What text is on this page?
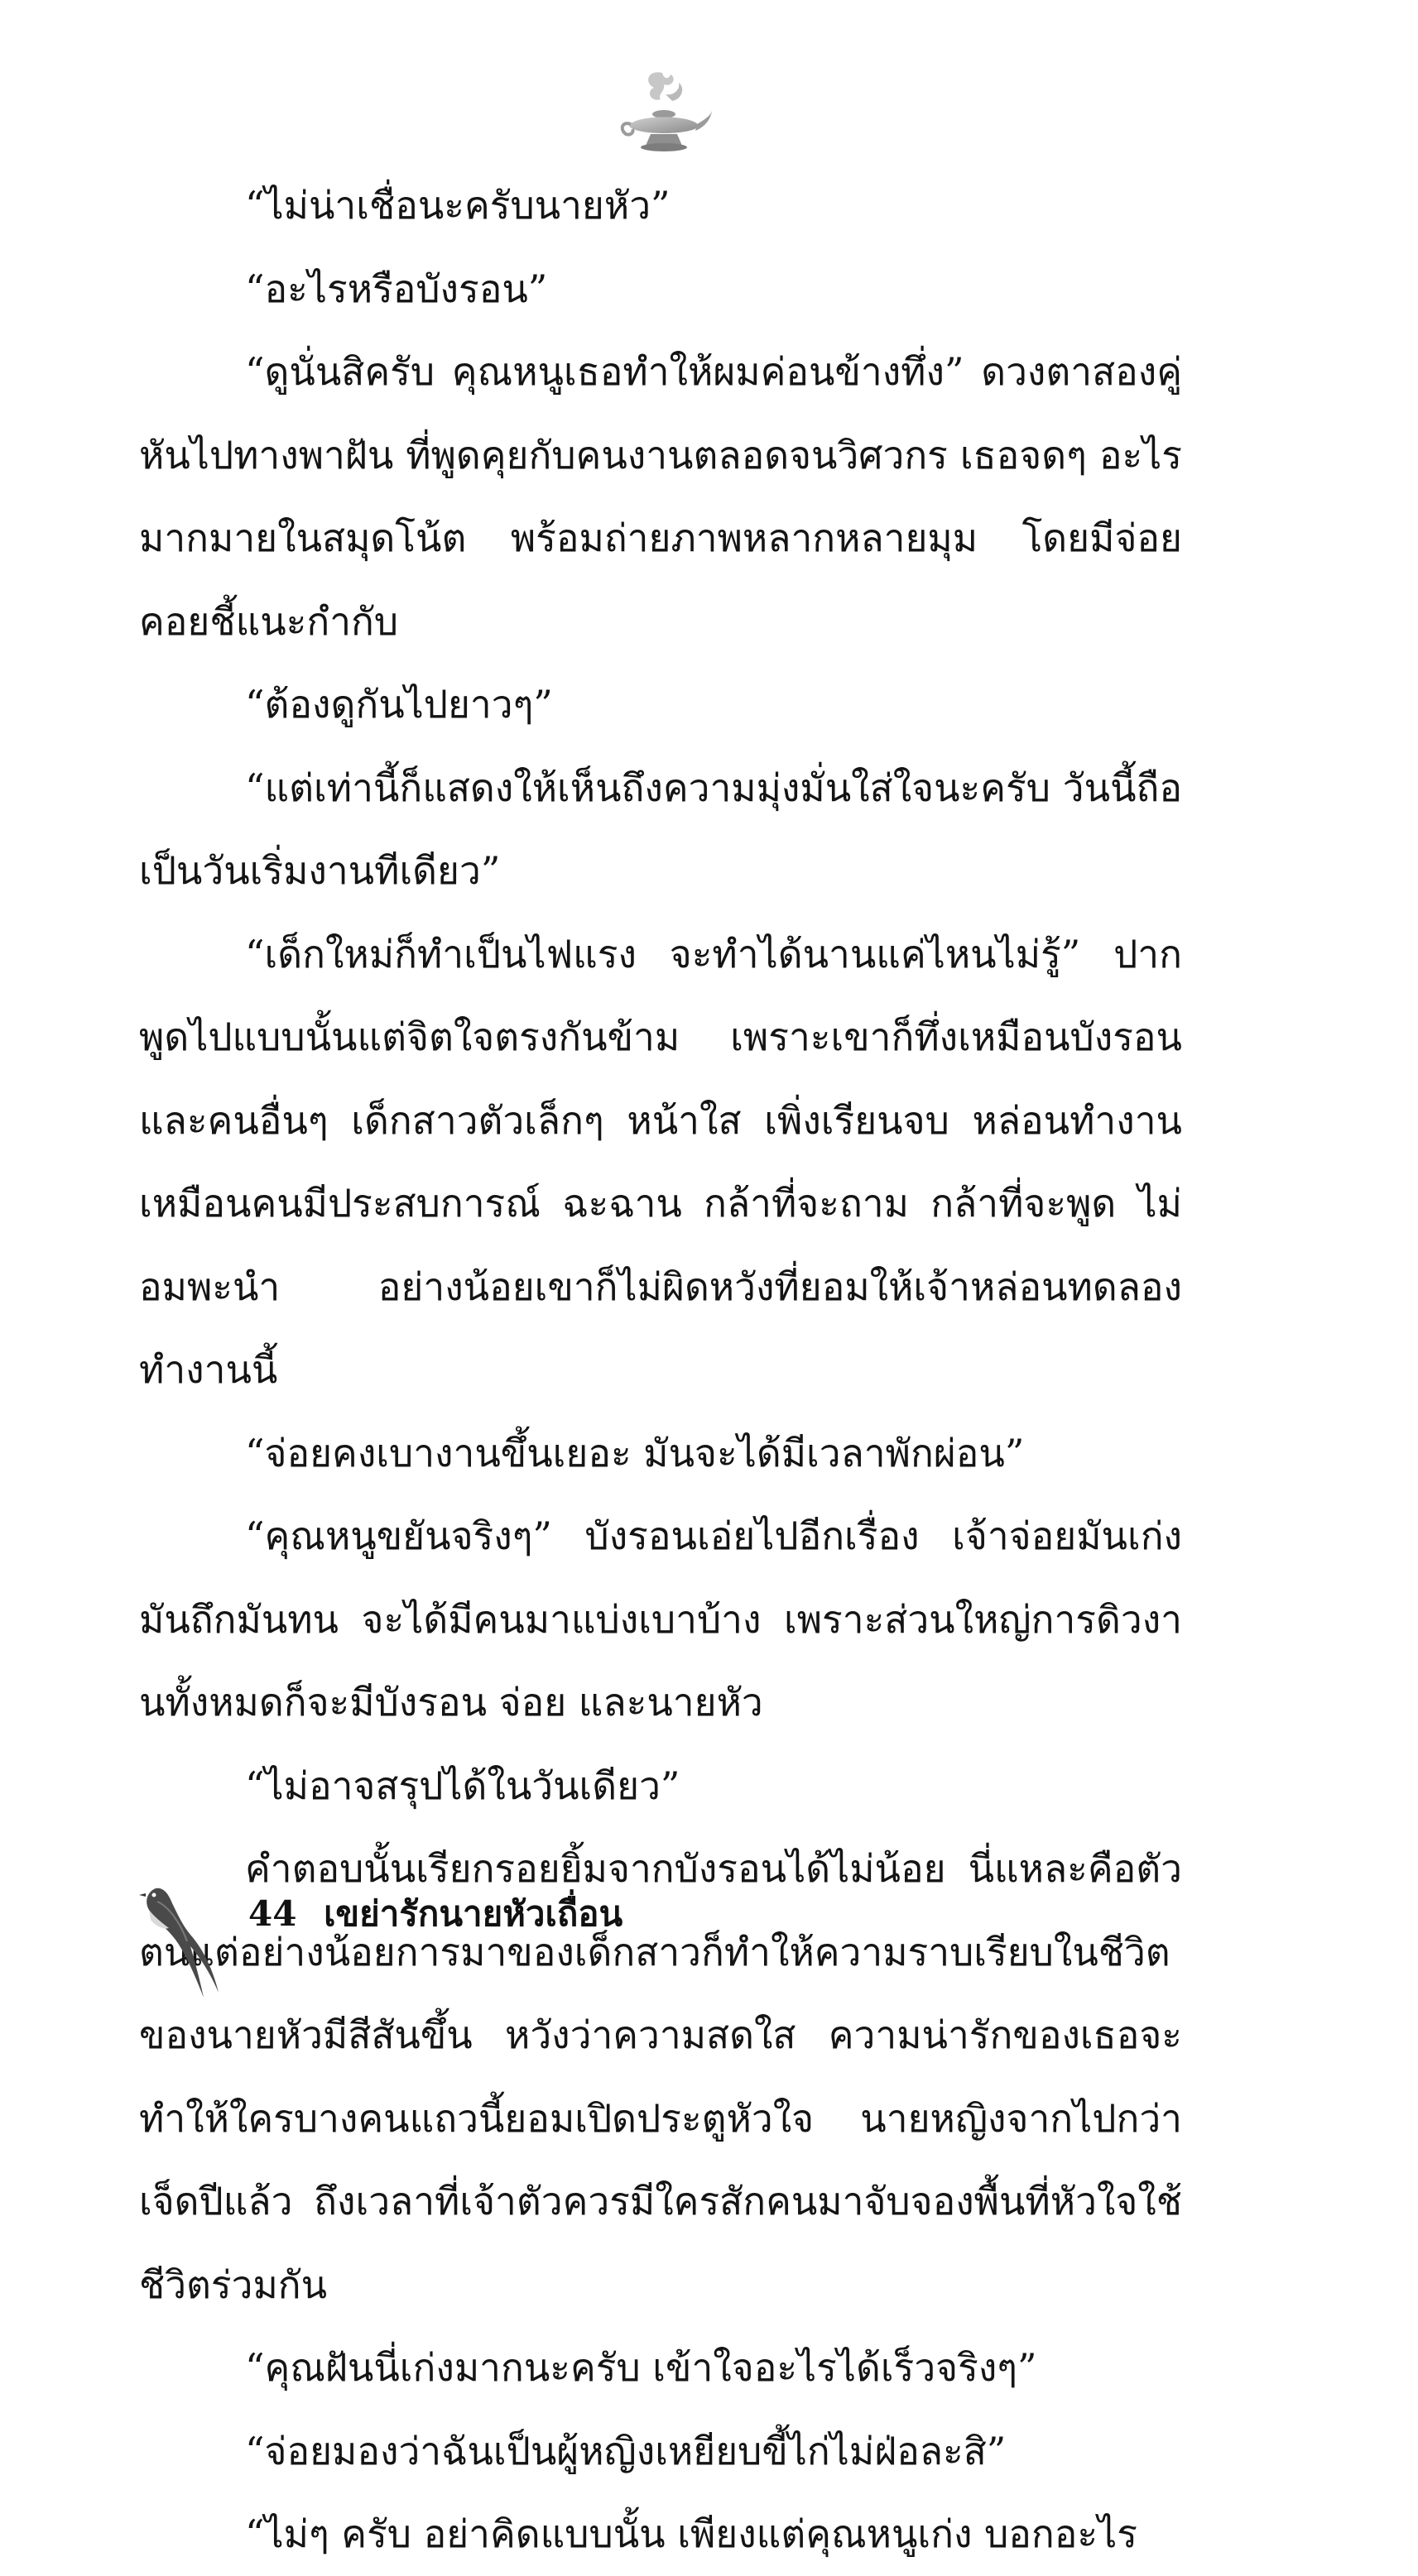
“ไม่น่าเชื่อนะครับนายหัว”

“อะไรหรือบังรอน”

“ดูนั่นสิครับ คุณหนูเธอทำให้ผมค่อนข้างทึ่ง” ดวงตาสองคู่หันไปทางพาฝัน ที่พูดคุยกับคนงานตลอดจนวิศวกร เธอจดๆ อะไรมากมายในสมุดโน้ต พร้อมถ่ายภาพหลากหลายมุม โดยมีจ่อยคอยชี้แนะกำกับ

“ต้องดูกันไปยาวๆ”

“แต่เท่านี้ก็แสดงให้เห็นถึงความมุ่งมั่นใส่ใจนะครับ วันนี้ถือเป็นวันเริ่มงานทีเดียว”

“เด็กใหม่ก็ทำเป็นไฟแรง จะทำได้นานแค่ไหนไม่รู้” ปากพูดไปแบบนั้นแต่จิตใจตรงกันข้าม เพราะเขาก็ทึ่งเหมือนบังรอนและคนอื่นๆ เด็กสาวตัวเล็กๆ หน้าใส เพิ่งเรียนจบ หล่อนทำงานเหมือนคนมีประสบการณ์ ฉะฉาน กล้าที่จะถาม กล้าที่จะพูด ไม่อมพะนำ อย่างน้อยเขาก็ไม่ผิดหวังที่ยอมให้เจ้าหล่อนทดลองทำงานนี้

“จ่อยคงเบางานขึ้นเยอะ มันจะได้มีเวลาพักผ่อน”

“คุณหนูขยันจริงๆ” บังรอนเอ่ยไปอีกเรื่อง เจ้าจ่อยมันเก่ง มันถึกมันทน จะได้มีคนมาแบ่งเบาบ้าง เพราะส่วนใหญ่การดิวงานทั้งหมดก็จะมีบังรอน จ่อย และนายหัว

“ไม่อาจสรุปได้ในวันเดียว”

คำตอบนั้นเรียกรอยยิ้มจากบังรอนได้ไม่น้อย นี่แหละคือตัวตนแต่อย่างน้อยการมาของเด็กสาวก็ทำให้ความราบเรียบในชีวิตของนายหัวมีสีสันขึ้น หวังว่าความสดใส ความน่ารักของเธอจะทำให้ใครบางคนแถวนี้ยอมเปิดประตูหัวใจ นายหญิงจากไปกว่าเจ็ดปีแล้ว ถึงเวลาที่เจ้าตัวควรมีใครสักคนมาจับจองพื้นที่หัวใจใช้ชีวิตร่วมกัน

“คุณฝันนี่เก่งมากนะครับ เข้าใจอะไรได้เร็วจริงๆ”

“จ่อยมองว่าฉันเป็นผู้หญิงเหยียบขี้ไก่ไม่ฝ่อละสิ”

“ไม่ๆ ครับ อย่าคิดแบบนั้น เพียงแต่คุณหนูเก่ง บอกอะไร

44 เขย่ารักนายหัวเถื่อน
